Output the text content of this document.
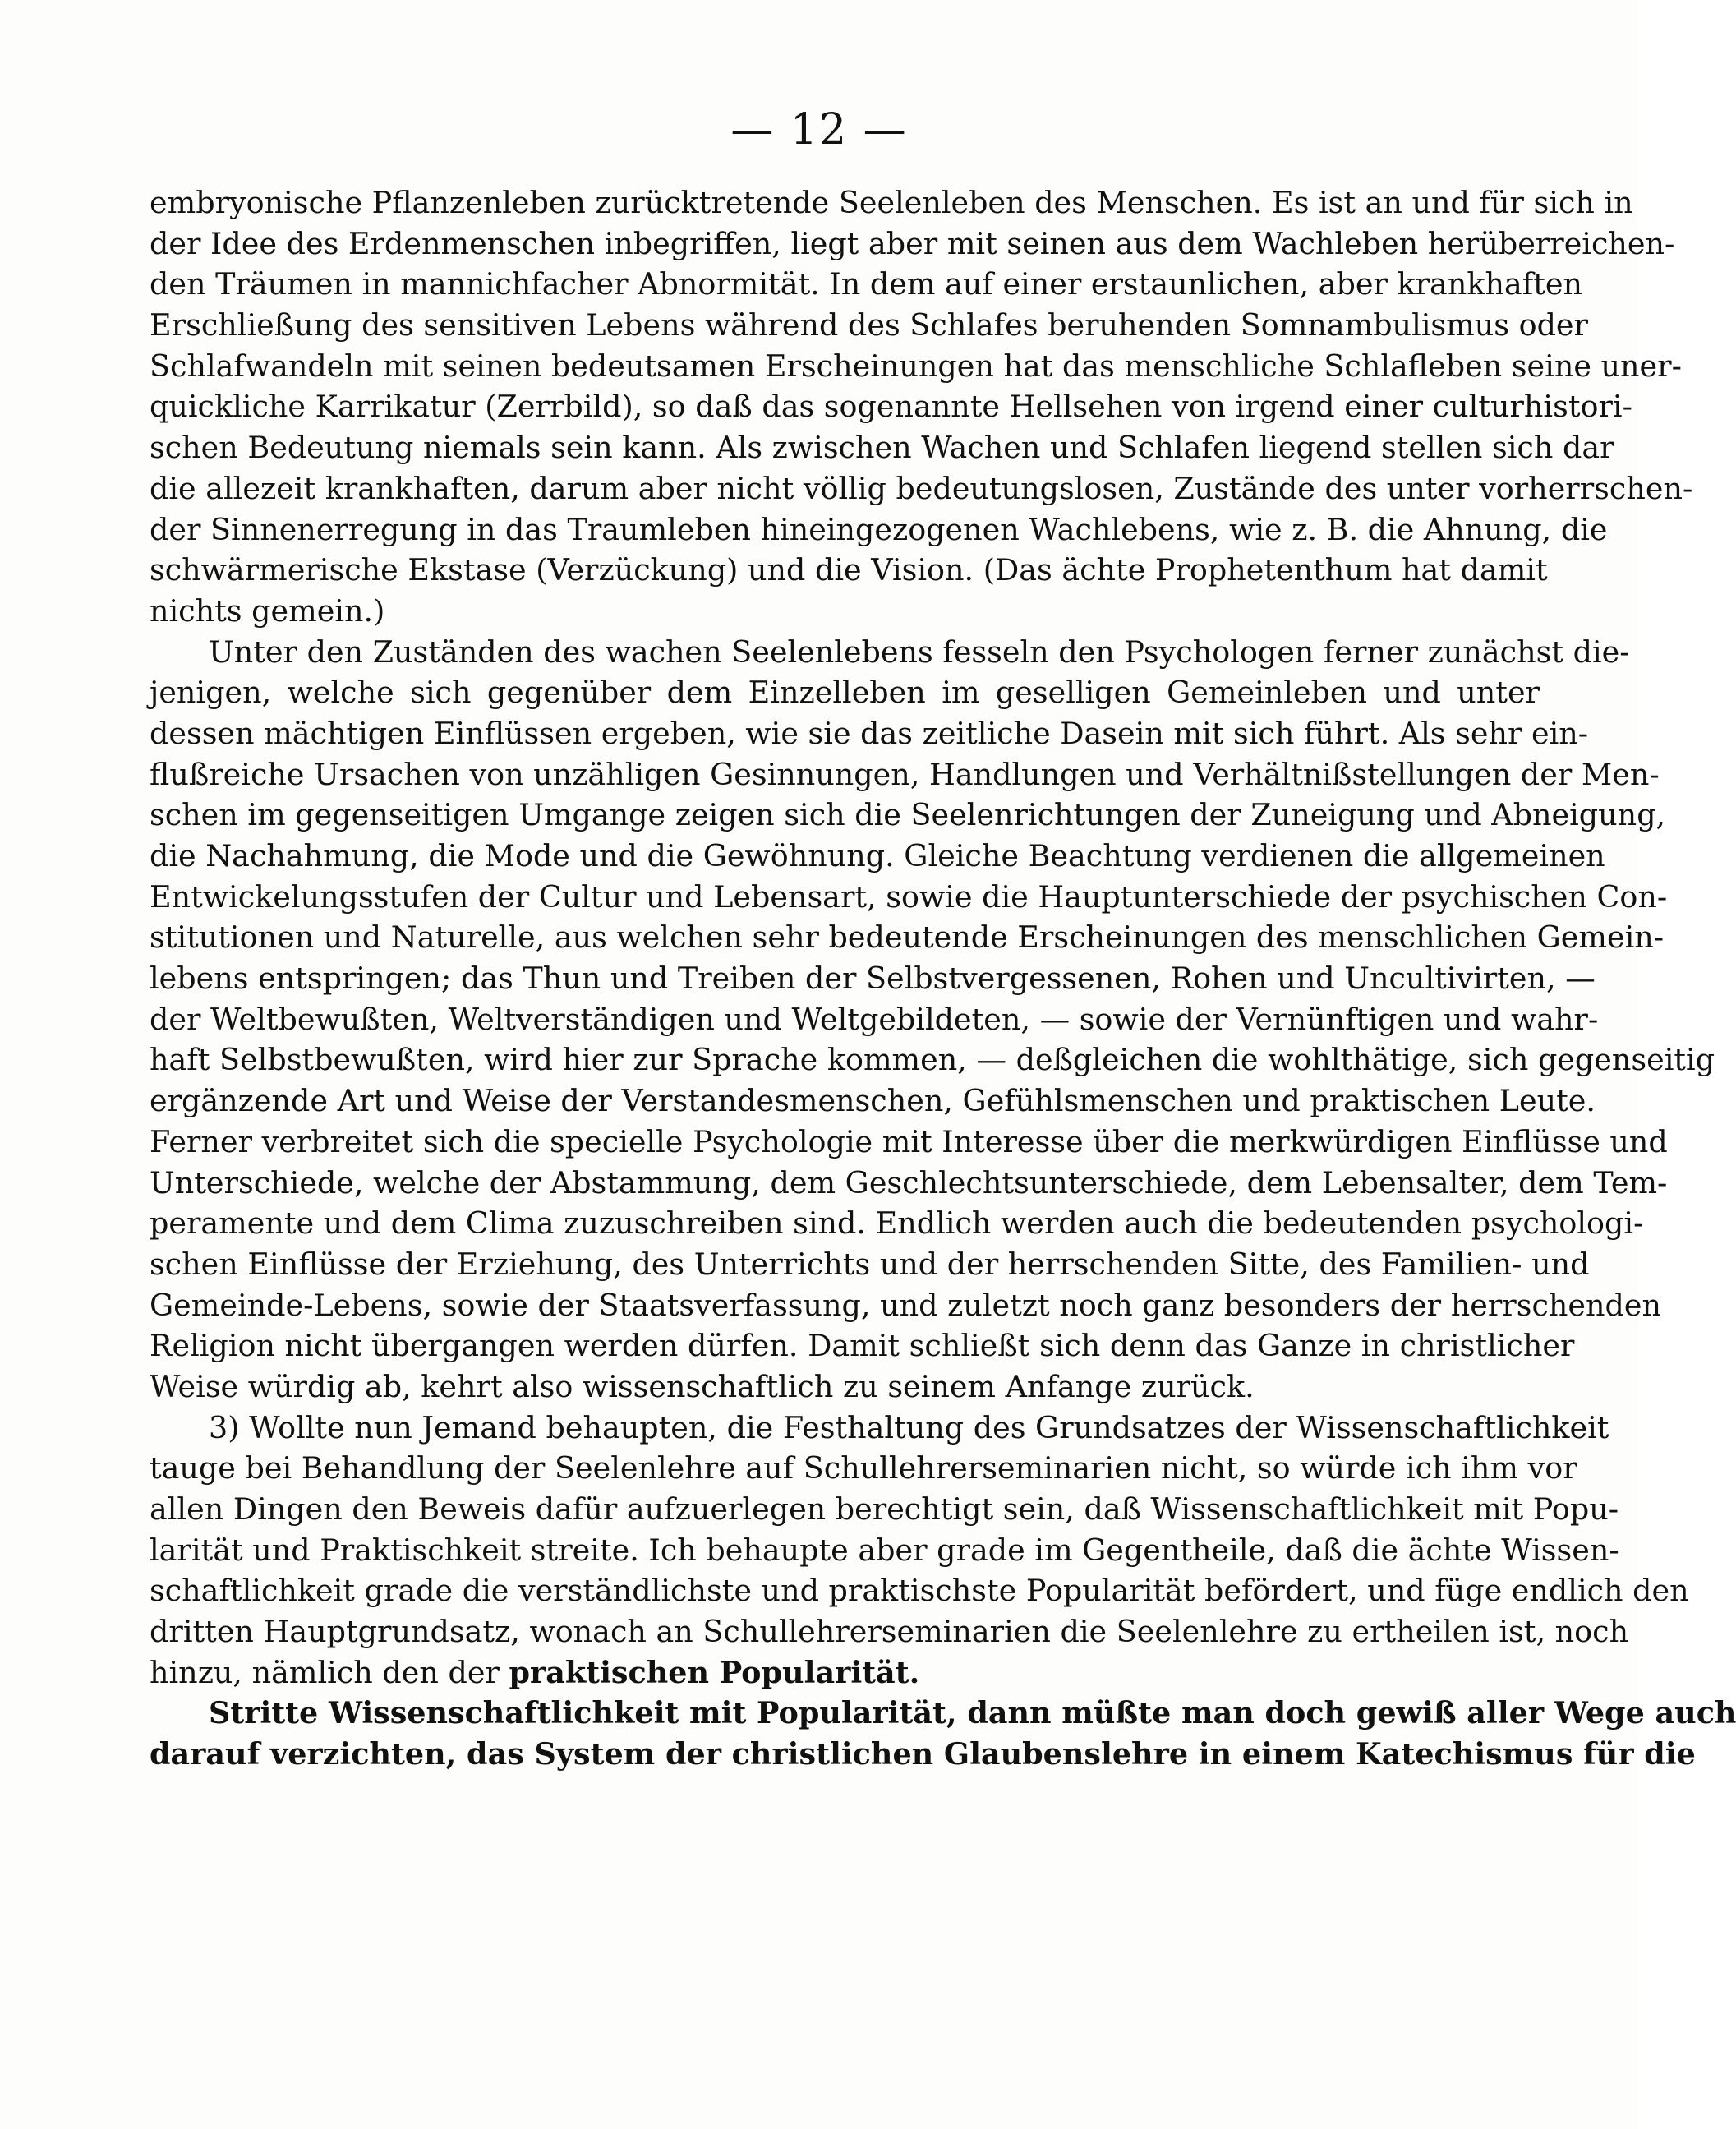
— 12 —
embryonische Pflanzenleben zurücktretende Seelenleben des Menschen. Es ist an und für sich in
der Idee des Erdenmenschen inbegriffen, liegt aber mit seinen aus dem Wachleben herüberreichen-
den Träumen in mannichfacher Abnormität. In dem auf einer erstaunlichen, aber krankhaften
Erschließung des sensitiven Lebens während des Schlafes beruhenden Somnambulismus oder
Schlafwandeln mit seinen bedeutsamen Erscheinungen hat das menschliche Schlafleben seine uner-
quickliche Karrikatur (Zerrbild), so daß das sogenannte Hellsehen von irgend einer culturhistori-
schen Bedeutung niemals sein kann. Als zwischen Wachen und Schlafen liegend stellen sich dar
die allezeit krankhaften, darum aber nicht völlig bedeutungslosen, Zustände des unter vorherrschen-
der Sinnenerregung in das Traumleben hineingezogenen Wachlebens, wie z. B. die Ahnung, die
schwärmerische Ekstase (Verzückung) und die Vision. (Das ächte Prophetenthum hat damit
nichts gemein.)
Unter den Zuständen des wachen Seelenlebens fesseln den Psychologen ferner zunächst die-
jenigen, welche sich gegenüber dem Einzelleben im geselligen Gemeinleben und unter
dessen mächtigen Einflüssen ergeben, wie sie das zeitliche Dasein mit sich führt. Als sehr ein-
flußreiche Ursachen von unzähligen Gesinnungen, Handlungen und Verhältnißstellungen der Men-
schen im gegenseitigen Umgange zeigen sich die Seelenrichtungen der Zuneigung und Abneigung,
die Nachahmung, die Mode und die Gewöhnung. Gleiche Beachtung verdienen die allgemeinen
Entwickelungsstufen der Cultur und Lebensart, sowie die Hauptunterschiede der psychischen Con-
stitutionen und Naturelle, aus welchen sehr bedeutende Erscheinungen des menschlichen Gemein-
lebens entspringen; das Thun und Treiben der Selbstvergessenen, Rohen und Uncultivirten, —
der Weltbewußten, Weltverständigen und Weltgebildeten, — sowie der Vernünftigen und wahr-
haft Selbstbewußten, wird hier zur Sprache kommen, — deßgleichen die wohlthätige, sich gegenseitig
ergänzende Art und Weise der Verstandesmenschen, Gefühlsmenschen und praktischen Leute.
Ferner verbreitet sich die specielle Psychologie mit Interesse über die merkwürdigen Einflüsse und
Unterschiede, welche der Abstammung, dem Geschlechtsunterschiede, dem Lebensalter, dem Tem-
peramente und dem Clima zuzuschreiben sind. Endlich werden auch die bedeutenden psychologi-
schen Einflüsse der Erziehung, des Unterrichts und der herrschenden Sitte, des Familien- und
Gemeinde-Lebens, sowie der Staatsverfassung, und zuletzt noch ganz besonders der herrschenden
Religion nicht übergangen werden dürfen. Damit schließt sich denn das Ganze in christlicher
Weise würdig ab, kehrt also wissenschaftlich zu seinem Anfange zurück.
3) Wollte nun Jemand behaupten, die Festhaltung des Grundsatzes der Wissenschaftlichkeit
tauge bei Behandlung der Seelenlehre auf Schullehrerseminarien nicht, so würde ich ihm vor
allen Dingen den Beweis dafür aufzuerlegen berechtigt sein, daß Wissenschaftlichkeit mit Popu-
larität und Praktischkeit streite. Ich behaupte aber grade im Gegentheile, daß die ächte Wissen-
schaftlichkeit grade die verständlichste und praktischste Popularität befördert, und füge endlich den
dritten Hauptgrundsatz, wonach an Schullehrerseminarien die Seelenlehre zu ertheilen ist, noch
hinzu, nämlich den der praktischen Popularität.
Stritte Wissenschaftlichkeit mit Popularität, dann müßte man doch gewiß aller Wege auch
darauf verzichten, das System der christlichen Glaubenslehre in einem Katechismus für die
